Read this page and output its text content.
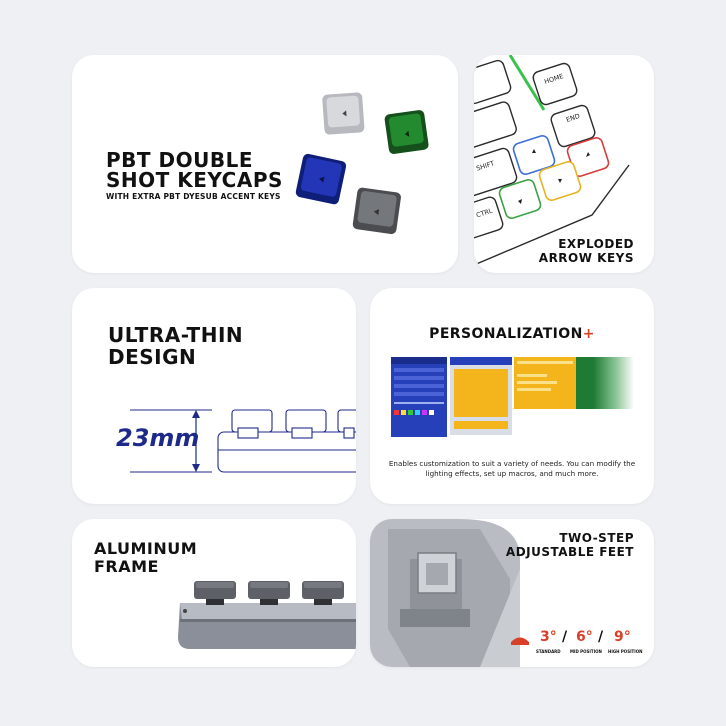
PBT DOUBLE
SHOT KEYCAPS
WITH EXTRA PBT DYESUB ACCENT KEYS
HOME
END
SHIFT
CTRL
EXPLODED
ARROW KEYS
ULTRA-THIN
DESIGN
23mm
PERSONALIZATION+
Enables customization to suit a variety of needs. You can modify the
lighting effects, set up macros, and much more.
ALUMINUM
FRAME
TWO-STEP
ADJUSTABLE FEET
3° / 6° / 9°
STANDARD MID POSITION HIGH POSITION
